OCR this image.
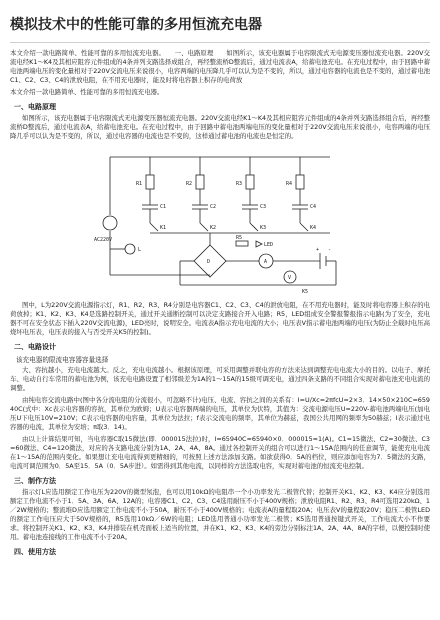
模拟技术中的性能可靠的多用恒流充电器

本文介绍一款电路简单、性能可靠的多用恒流充电器。　　一、电路原理　　如图所示，该充电器属于电容限流式无电源变压器恒流充电器。220V交流电经K1～K4及其相应阻容元件组成的4条并列支路选择成组合，再经整流桥D整流后，通过电流表A，给蓄电池充电。在充电过程中，由于回路中蓄电池两端电压的变化量相对于220V交流电压来说很小，电容两端的电压降几乎可以认为是不变的，所以，通过电容器的电流也是不变的，通过蓄电池C1、C2、C3、C4的泄放电阻，在不用充电器时，能及时将电容器上积存的电荷放

本文介绍一款电路简单、性能可靠的多用恒流充电器。

一、电路原理

如图所示，该充电器属于电容限流式无电源变压器恒流充电器。220V交流电经K1～K4及其相应阻容元件组成的4条并列支路选择组合后，再经整流桥D整流后，通过电流表A，给蓄电池充电。在充电过程中，由于回路中蓄电池两端电压的变化量相对于220V交流电压来说很小，电容两端的电压降几乎可以认为是不变的，所以，通过电容器的电流也是不变的，这样通过蓄电池的电流也是恒定的。

R1	R2	R3	R4
C1	C2	C3	C4
K1	K2	K3	K4
AC220V
L
D	A
V
R5
LED
K5
+ -

图中，L为220V交流电源指示灯，R1、R2、R3、R4分别是电容器C1、C2、C3、C4的泄放电阻，在不用充电器时，能及时将电容器上积存的电荷放掉；K1、K2、K3、K4是选路控制开关，通过开关通断控制可以决定支路接合开入电路；R5，LED组成安全警报警报指示电路(为了安全，充电器不可在安全状态下插入220V交流电源)，LED亮时，说明安全。电流表A指示充电电流的大小；电压表V指示蓄电池两端的电压(为防止全载时电压高烧坏电压表，电压表的接入与否受开关K5的控制)。

二、电路设计
该充电器的限流电容器容量选择

大、容抗越小，充电电流越大。反之，充电电流越小。根据该原理，可采用调整并联电容的方法来达到调整充电电流大小的目的。以电子、摩托车、电动自行车常用的蓄电池为例，该充电电路设置了相邻级差为1A的1～15A的15级可调充电，通过四条支路的不同组合实现对蓄电池充电电流的调整。

由纯电容交流电路中(图中各分流电阻的分流很小，可忽略不计)电压、电流、容抗之间的关系有：I=U/Xc=2πfcU=2×3．14×50×210C=65940C(式中：Xc表示电容器的容抗，其单位为欧姆；U表示电容器两端的电压，其单位为伏特，其值为：交流电源电压U=220V-蓄电池两端电压(加电压U下电压10V=210V；C表示电容器的电容量，其单位为法拉；f表示交流电的频率，其单位为赫兹，我国公共用网的频率为50赫兹；I表示通过电容器的电流，其单位为安培；π取3．14)。

由以上计算结果可知，当电容器C取15微法(即．000015法拉)时，I≈65940C≈65940×0．000015≈1(A)。C1=15微法、C2=30微法、C3=60微法、C4=120微法，对应的各支路电流分别为1A、2A、4A、8A。通过各控制开关的组合可以进行1～15A范围内的任意调节，能使充电电流在1～15A的范围内变化。如果想让充电电流得到更精细的，可按照上述方法添加支路。如欲获得0．5A的档位，则应添加电容为7．5微法的支路，电流可调范围为0．5A至15．5A（0．5A步进）。如需得到其他电流，以同样的方法选取电容，实现对蓄电池的恒流充电控制。

三、制作方法

指示灯L应选用额定工作电压为220V的微型氖泡，也可以用10kΩ的电阻串一个小功率发光二极管代替；控制开关K1、K2、K3、K4应分别选用额定工作电流不小于1．5A、3A、6A、12A的；电容器C1、C2、C3、C4选用耐压不小于400V规格；泄放电阻R1、R2、R3、R4可选用220kΩ、1／2W规格的；整流堆D应选用额定工作电流不小于50A，耐压不小于400V规格的；电流表A的量程取20A；电压表V的量程取20V；稳压二极管LED的额定工作电压应大于50V规格的，R5选用10kΩ／6W的电阻；LED选用普通小功率发光二极管；K5选用普通按键式开关，工作电流大小不作要求。将控制开关K1、K2、K3、K4并排装在机壳面板上适当的位置，并在K1、K2、K3、K4的旁边分别标注1A、2A、4A、8A的字样，以便控制时使用。蓄电池连接线的工作电流不小于20A。

四、使用方法
